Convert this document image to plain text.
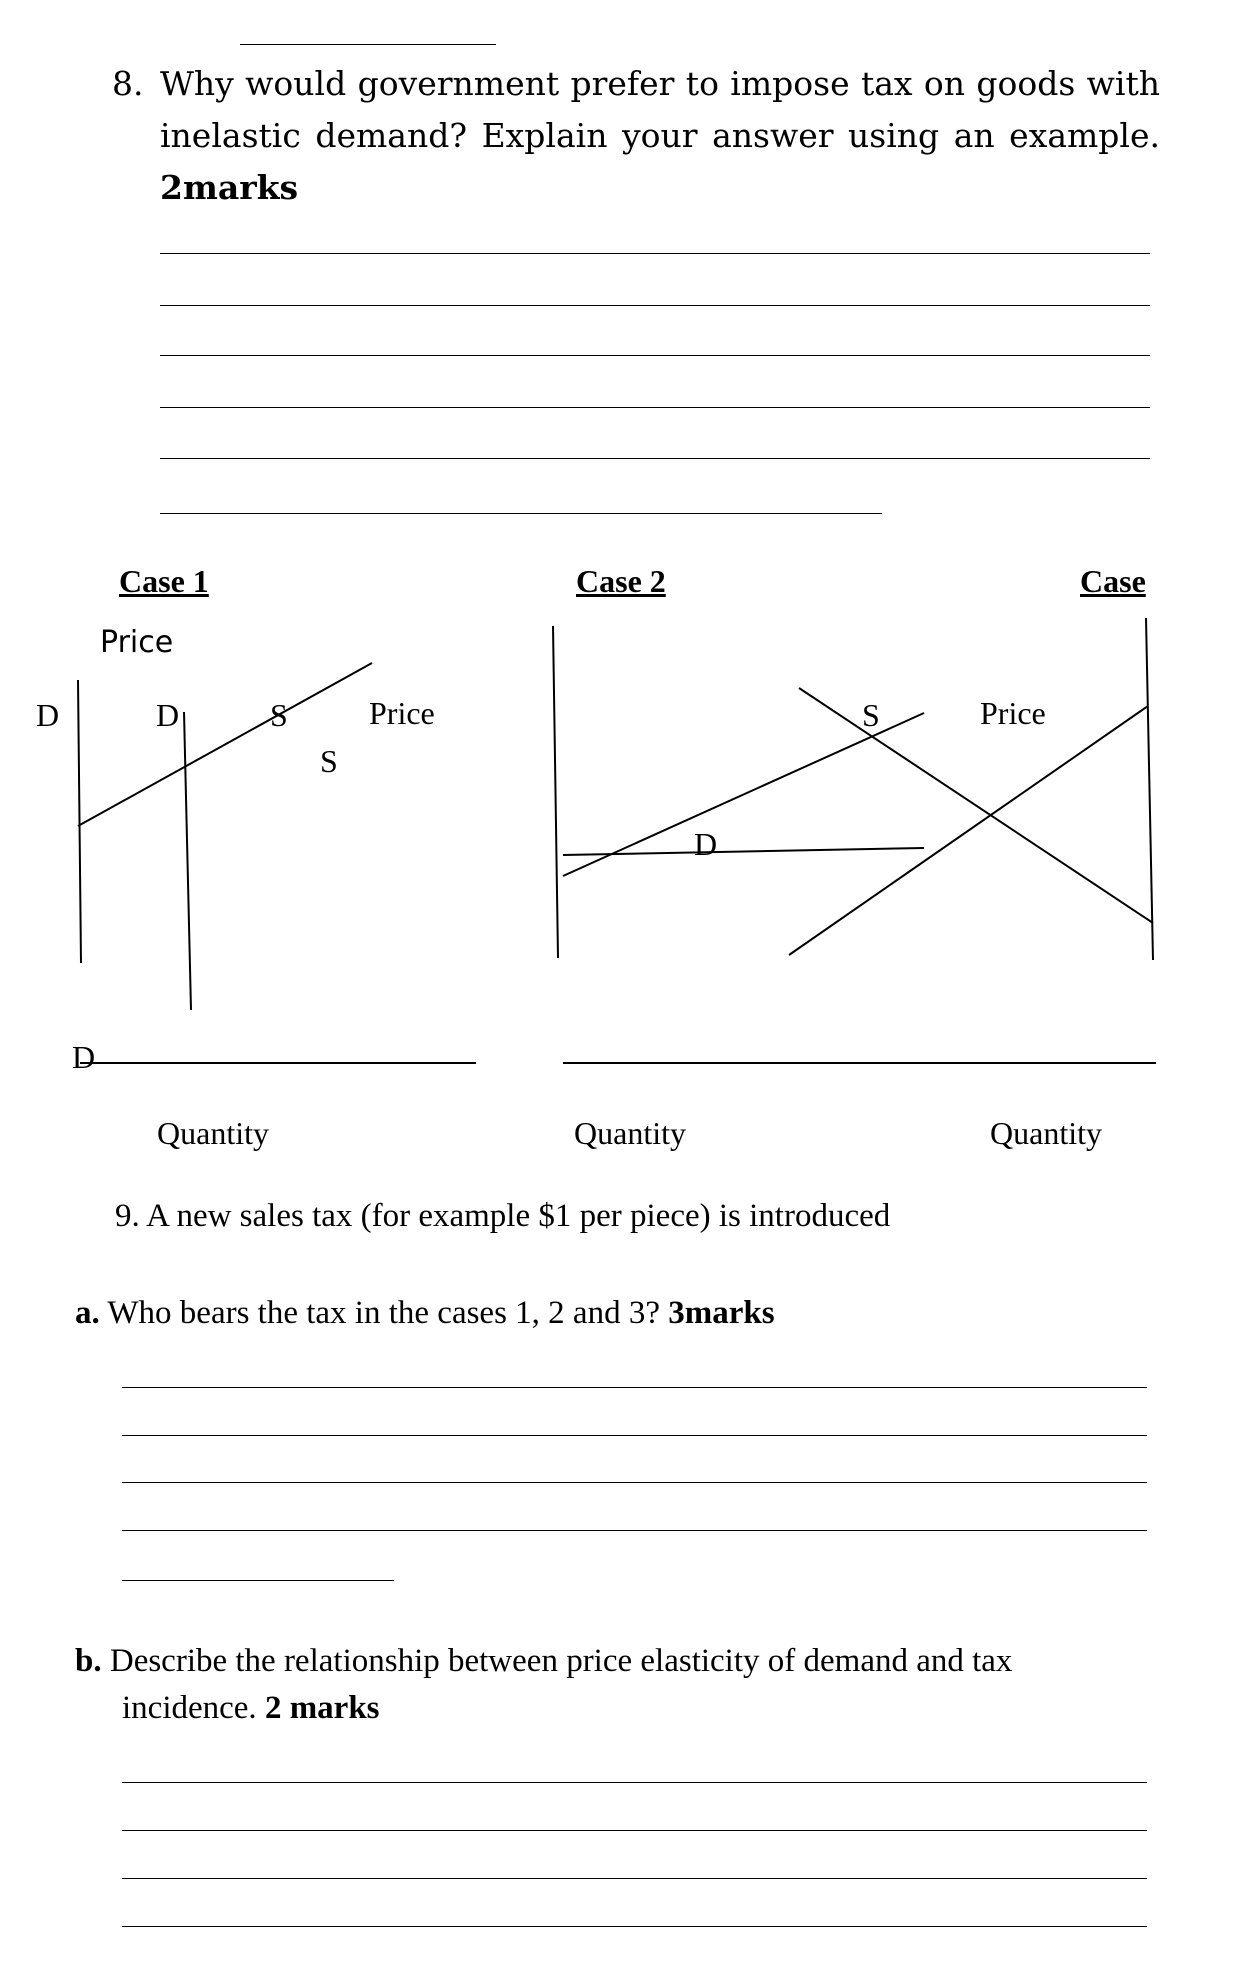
8. Why would government prefer to impose tax on goods with
inelastic demand? Explain your answer using an example.
2marks
Case 1	Case 2	Case
Price
D	D	S
S
D
S
D
Price	Price
Quantity	Quantity	Quantity
9. A new sales tax (for example $1 per piece) is introduced
a. Who bears the tax in the cases 1, 2 and 3? 3marks
b. Describe the relationship between price elasticity of demand and tax
incidence. 2 marks
